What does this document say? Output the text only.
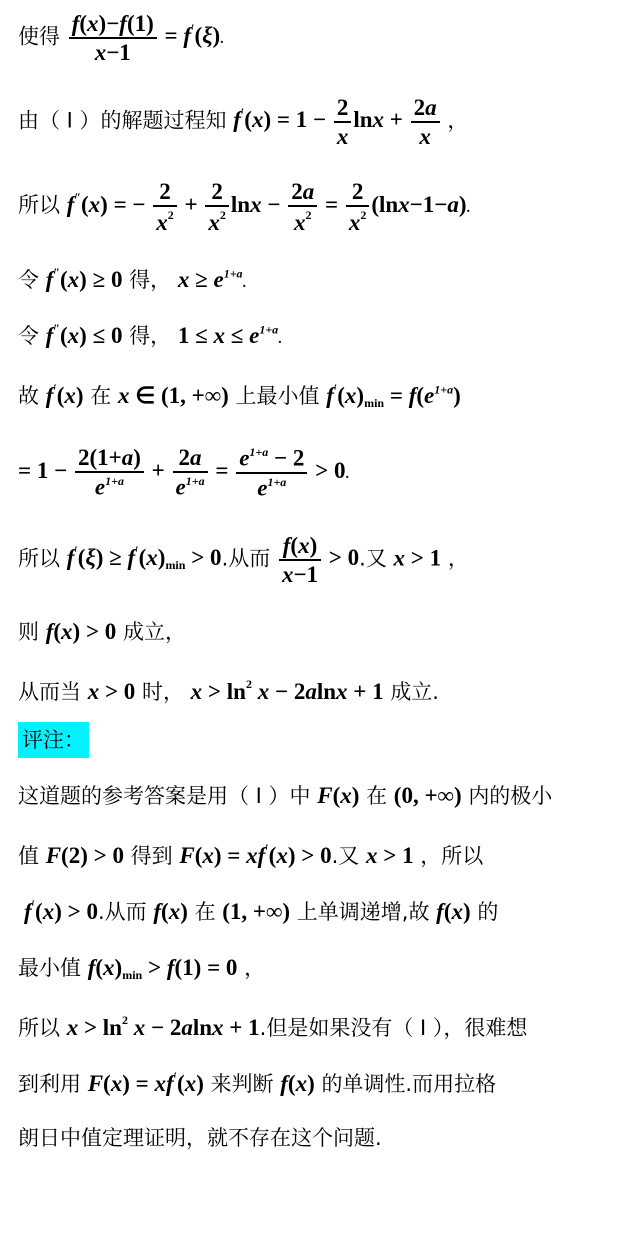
使得 $\frac{f(x)-f(1)}{x-1} = f'(\xi)$.
由（ Ⅰ ）的解题过程知 $f'(x) = 1 - \frac{2}{x}$ $\ln x + \frac{2a}{x}$ ，
所以 f″(x) = − $\frac{2}{x^2} + \frac{2}{x^2}$ $\ln x - \frac{2a}{x^2} = \frac{2}{x^2} (\ln x-1-a)$.
令 f″(x) ≥ 0 得， $x \ge e^{1+a}$.
令 f″(x) ≤ 0 得， $1 \le x \le e^{1+a}$.
故 f′(x) 在 x ∈ (1, +∞) 上最小值 $f'(x)_{min} = f(e^{1+a})$
= $1 - \frac{2(1+a)}{e^{1+a}} + \frac{2a}{e^{1+a}} = \frac{e^{1+a} - 2}{e^{1+a}} > 0$.
所以 $f'(\xi) \ge f'(x)_{min} > 0$.从而 $\frac{f(x)}{x-1} > 0$.又 x > 1 ，
则 f(x) > 0 成立，
从而当 x > 0 时， $x > \ln^2 x - 2alnx + 1$ 成立.
评注：
这道题的参考答案是用（ Ⅰ ）中 F(x) 在 (0, +∞) 内的极小
值 F(2) > 0 得到 F(x) = xf′(x) > 0.又 x > 1 ，所以
f′(x) > 0.从而 f(x) 在 (1, +∞) 上单调递增,故 f(x) 的
最小值 $f(x)_{min} > f(1) = 0$ ，
所以 $x > \ln^2 x - 2alnx + 1$.但是如果没有（ Ⅰ ），很难想
到利用 F(x) = xf′(x) 来判断 f(x) 的单调性.而用拉格
朗日中值定理证明，就不存在这个问题.
